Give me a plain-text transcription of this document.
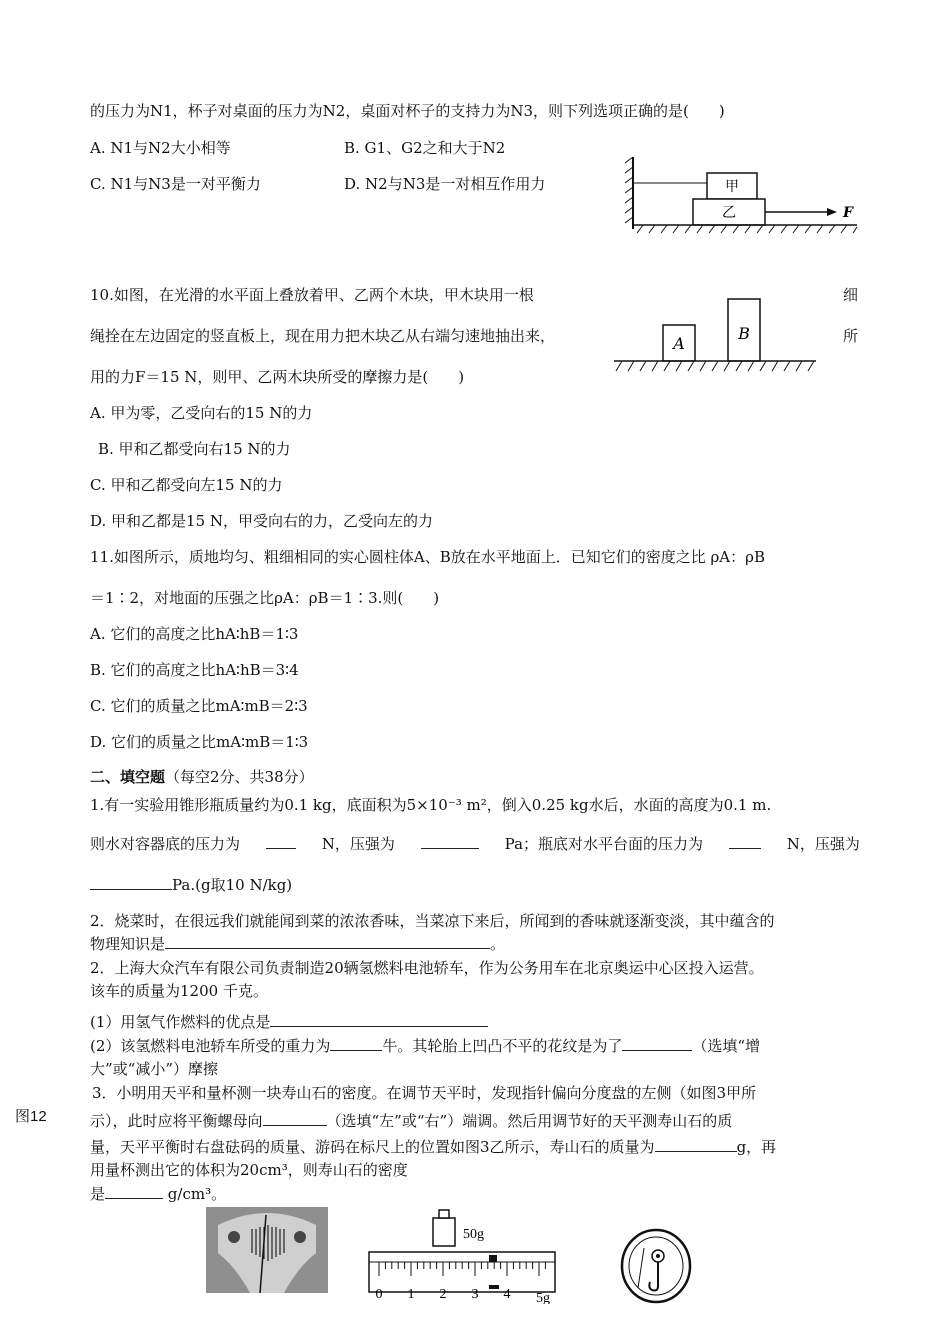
的压力为N1，杯子对桌面的压力为N2，桌面对杯子的支持力为N3，则下列选项正确的是(　　)
A. N1与N2大小相等	B. G1、G2之和大于N2
C. N1与N3是一对平衡力	D. N2与N3是一对相互作用力	甲
乙	F
10.如图，在光滑的水平面上叠放着甲、乙两个木块，甲木块用一根	细
绳拴在左边固定的竖直板上，现在用力把木块乙从右端匀速地抽出来，	所
用的力F＝15 N，则甲、乙两木块所受的摩擦力是(　　)
A. 甲为零，乙受向右的15 N的力
B. 甲和乙都受向右15 N的力
C. 甲和乙都受向左15 N的力
D. 甲和乙都是15 N，甲受向右的力，乙受向左的力
A
B
11.如图所示，质地均匀、粗细相同的实心圆柱体A、B放在水平地面上．已知它们的密度之比 ρA：ρB
＝1∶2，对地面的压强之比ρA：ρB＝1∶3.则(　　)
A. 它们的高度之比hA∶hB＝1∶3
B. 它们的高度之比hA∶hB＝3∶4
C. 它们的质量之比mA∶mB＝2∶3
D. 它们的质量之比mA∶mB＝1∶3
二、填空题（每空2分、共38分）
1.有一实验用锥形瓶质量约为0.1 kg，底面积为5×10⁻³ m²，倒入0.25 kg水后，水面的高度为0.1 m.
则水对容器底的压力为	N，压强为	Pa；瓶底对水平台面的压力为	N，压强为
Pa.(g取10 N/kg)
2．烧菜时，在很远我们就能闻到菜的浓浓香味，当菜凉下来后，所闻到的香味就逐渐变淡，其中蕴含的
物理知识是	。
2．上海大众汽车有限公司负责制造20辆氢燃料电池轿车，作为公务用车在北京奥运中心区投入运营。
该车的质量为1200 千克。
(1）用氢气作燃料的优点是
(2）该氢燃料电池轿车所受的重力为	牛。其轮胎上凹凸不平的花纹是为了	（选填“增
大”或“减小”）摩擦
图12
3．小明用天平和量杯测一块寿山石的密度。在调节天平时，发现指针偏向分度盘的左侧（如图3甲所
示），此时应将平衡螺母向	（选填“左”或“右”）端调。然后用调节好的天平测寿山石的质
量，天平平衡时右盘砝码的质量、游码在标尺上的位置如图3乙所示，寿山石的质量为	g，再
用量杯测出它的体积为20cm³，则寿山石的密度
是	g/cm³。
50g
0 1 2 3 4 5g
